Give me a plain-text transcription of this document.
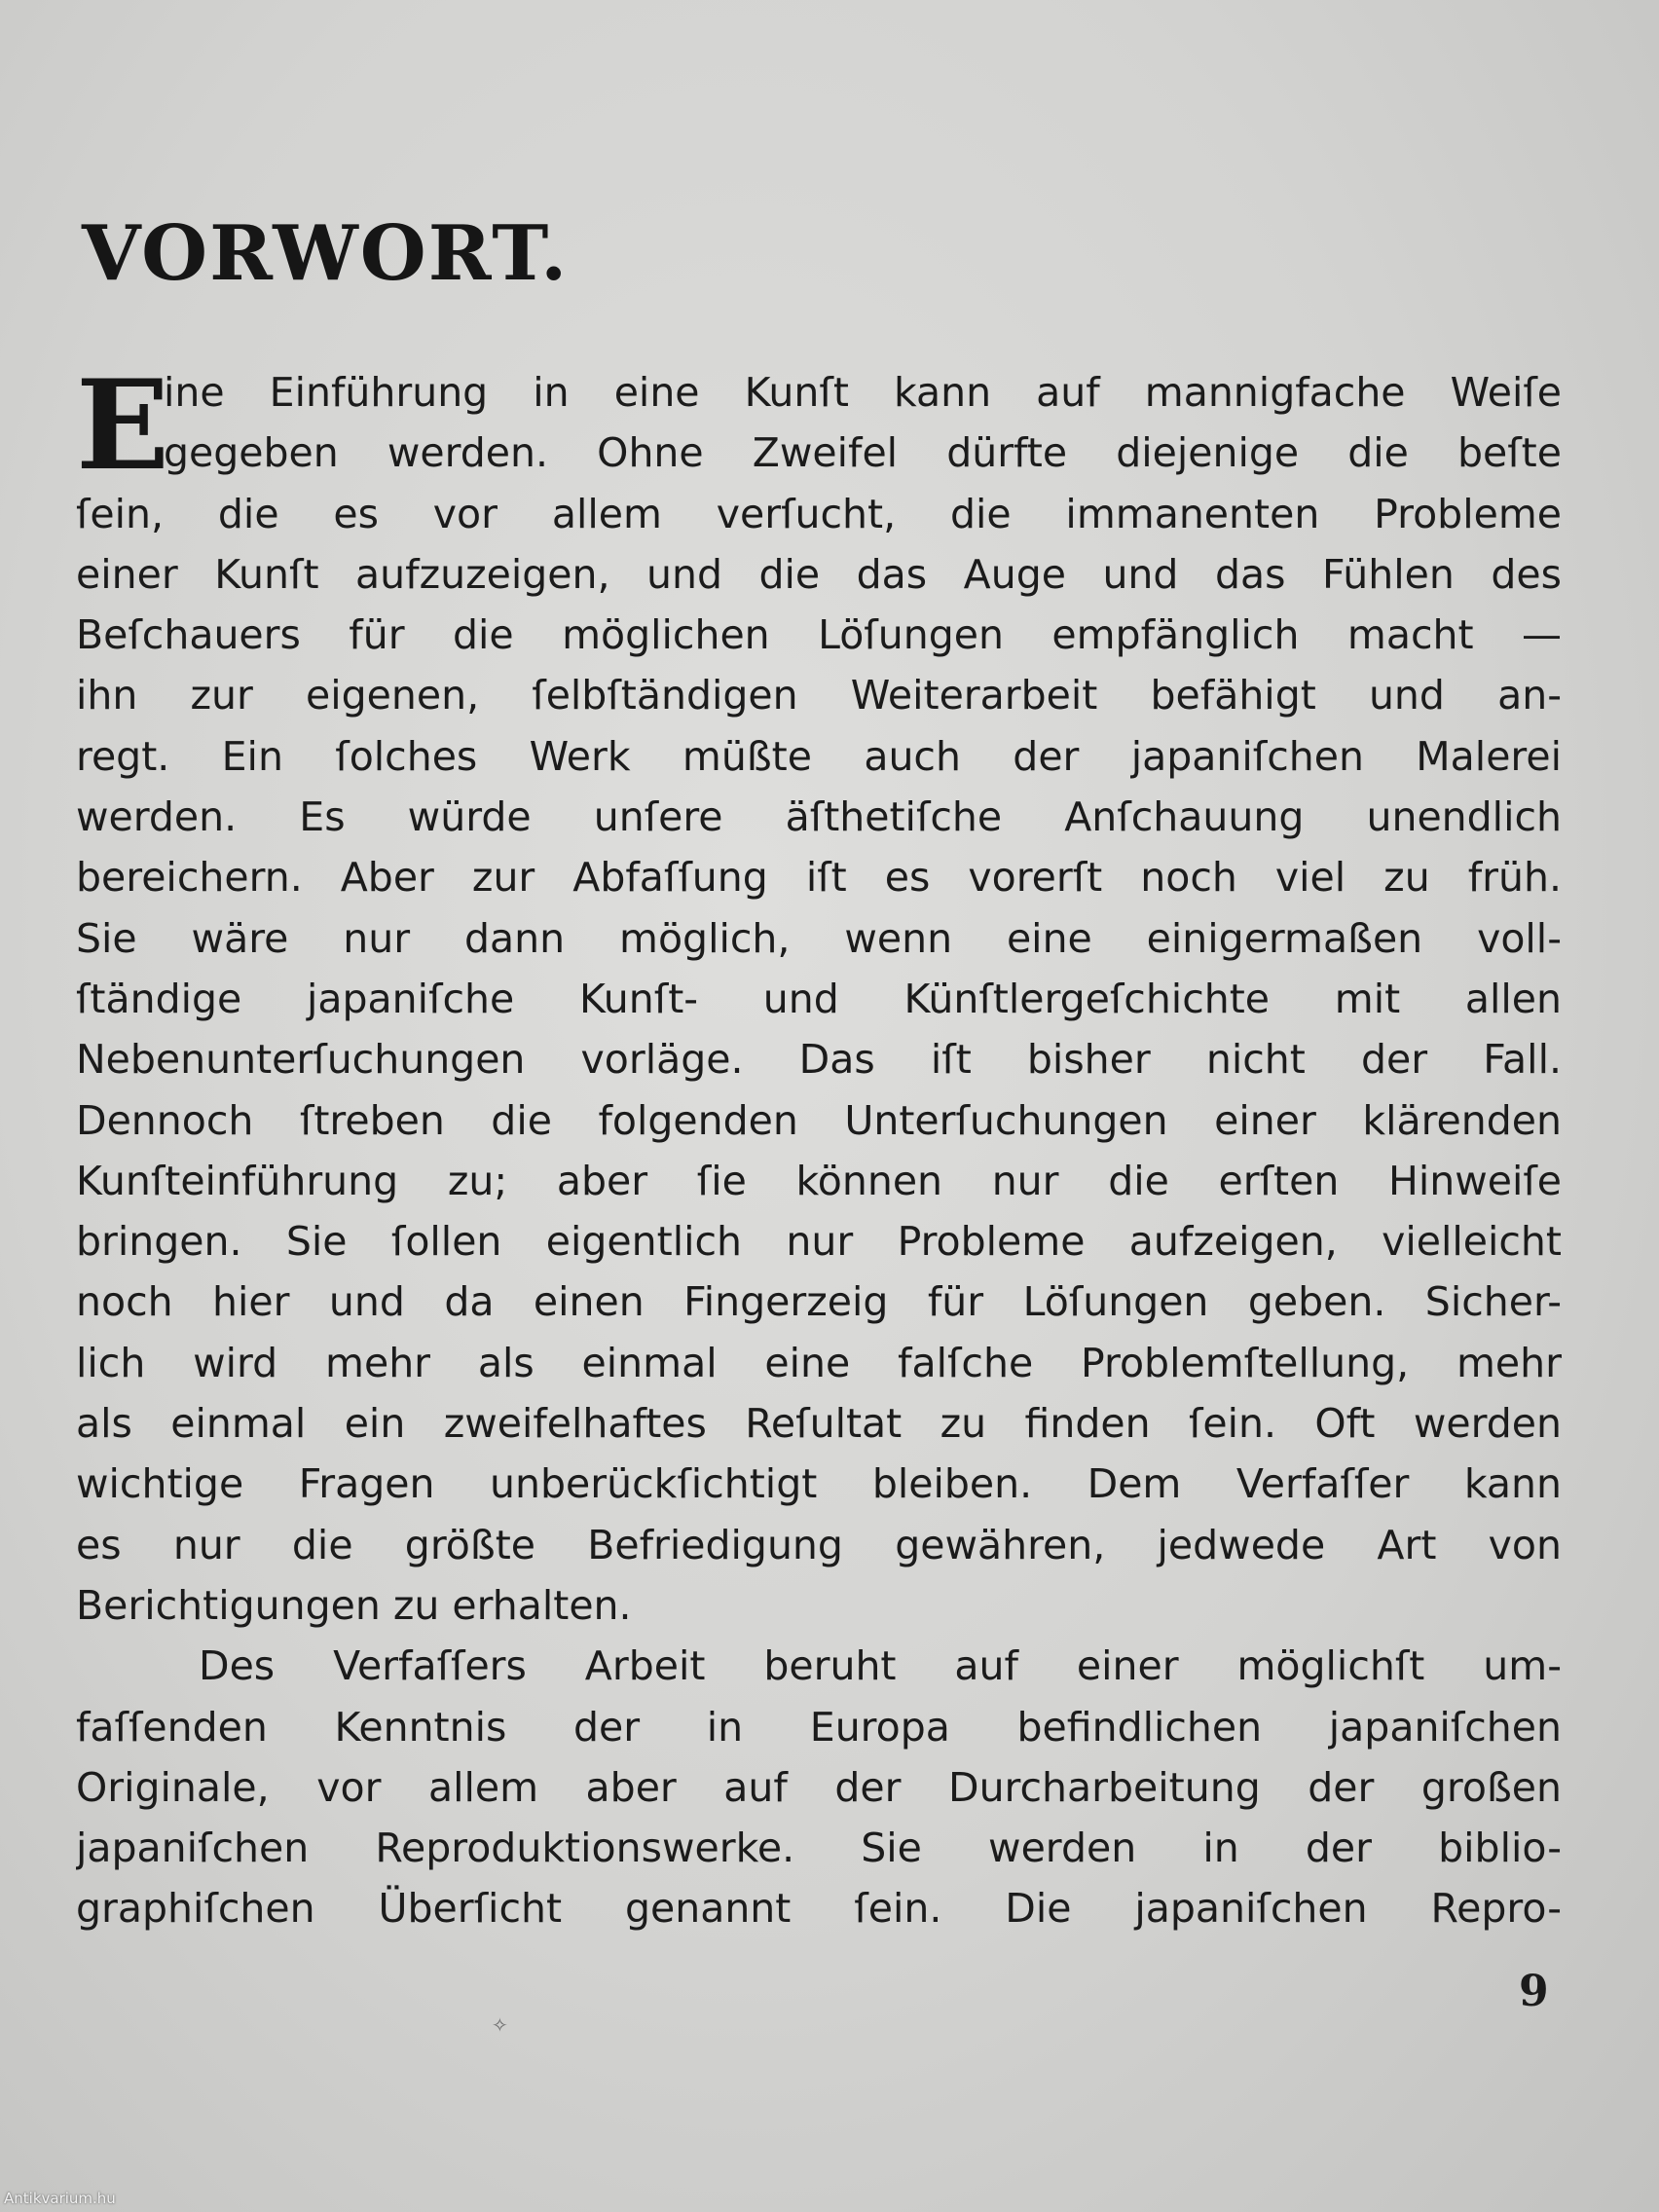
VORWORT.
E
ine Einführung in eine Kunſt kann auf mannigfache Weiſe
gegeben werden. Ohne Zweifel dürfte diejenige die beſte
ſein, die es vor allem verſucht, die immanenten Probleme
einer Kunſt aufzuzeigen, und die das Auge und das Fühlen des
Beſchauers für die möglichen Löſungen empfänglich macht —
ihn zur eigenen, ſelbſtändigen Weiterarbeit befähigt und an-
regt. Ein ſolches Werk müßte auch der japaniſchen Malerei
werden. Es würde unſere äſthetiſche Anſchauung unendlich
bereichern. Aber zur Abfaſſung iſt es vorerſt noch viel zu früh.
Sie wäre nur dann möglich, wenn eine einigermaßen voll-
ſtändige japaniſche Kunſt- und Künſtlergeſchichte mit allen
Nebenunterſuchungen vorläge. Das iſt bisher nicht der Fall.
Dennoch ſtreben die folgenden Unterſuchungen einer klärenden
Kunſteinführung zu; aber ſie können nur die erſten Hinweiſe
bringen. Sie ſollen eigentlich nur Probleme aufzeigen, vielleicht
noch hier und da einen Fingerzeig für Löſungen geben. Sicher-
lich wird mehr als einmal eine falſche Problemſtellung, mehr
als einmal ein zweifelhaftes Reſultat zu finden ſein. Oft werden
wichtige Fragen unberückſichtigt bleiben. Dem Verfaſſer kann
es nur die größte Befriedigung gewähren, jedwede Art von
Berichtigungen zu erhalten.
Des Verfaſſers Arbeit beruht auf einer möglichſt um-
faſſenden Kenntnis der in Europa befindlichen japaniſchen
Originale, vor allem aber auf der Durcharbeitung der großen
japaniſchen Reproduktionswerke. Sie werden in der biblio-
graphiſchen Überſicht genannt ſein. Die japaniſchen Repro-
9
✧
Antikvarium.hu
